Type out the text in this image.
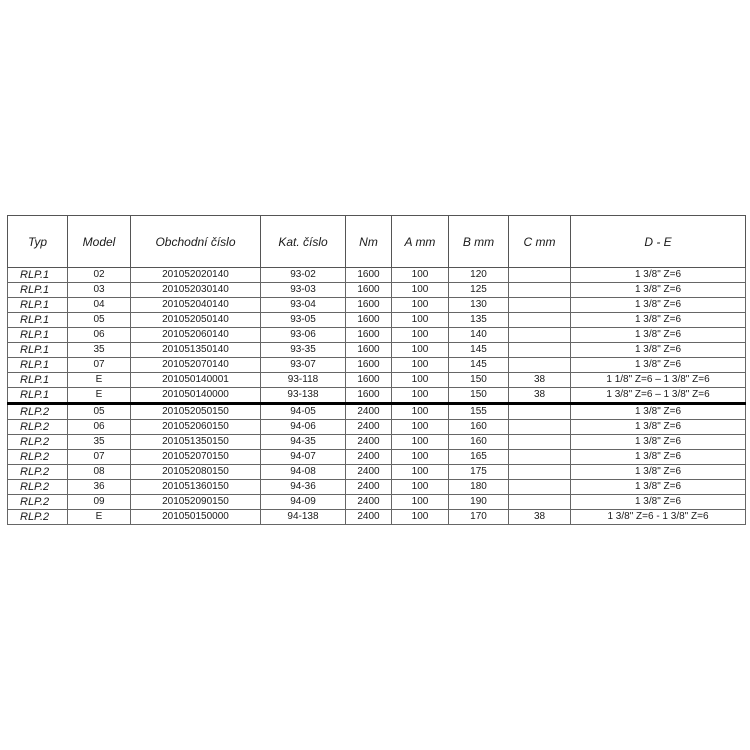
Typ	Model	Obchodní číslo	Kat. číslo	Nm	A mm	B mm	C mm	D - E
RLP.1	02	201052020140	93-02	1600	100	120		1 3/8" Z=6
RLP.1	03	201052030140	93-03	1600	100	125		1 3/8" Z=6
RLP.1	04	201052040140	93-04	1600	100	130		1 3/8" Z=6
RLP.1	05	201052050140	93-05	1600	100	135		1 3/8" Z=6
RLP.1	06	201052060140	93-06	1600	100	140		1 3/8" Z=6
RLP.1	35	201051350140	93-35	1600	100	145		1 3/8" Z=6
RLP.1	07	201052070140	93-07	1600	100	145		1 3/8" Z=6
RLP.1	E	201050140001	93-118	1600	100	150	38	1 1/8" Z=6 – 1 3/8" Z=6
RLP.1	E	201050140000	93-138	1600	100	150	38	1 3/8" Z=6 – 1 3/8" Z=6
RLP.2	05	201052050150	94-05	2400	100	155		1 3/8" Z=6
RLP.2	06	201052060150	94-06	2400	100	160		1 3/8" Z=6
RLP.2	35	201051350150	94-35	2400	100	160		1 3/8" Z=6
RLP.2	07	201052070150	94-07	2400	100	165		1 3/8" Z=6
RLP.2	08	201052080150	94-08	2400	100	175		1 3/8" Z=6
RLP.2	36	201051360150	94-36	2400	100	180		1 3/8" Z=6
RLP.2	09	201052090150	94-09	2400	100	190		1 3/8" Z=6
RLP.2	E	201050150000	94-138	2400	100	170	38	1 3/8" Z=6 - 1 3/8" Z=6
